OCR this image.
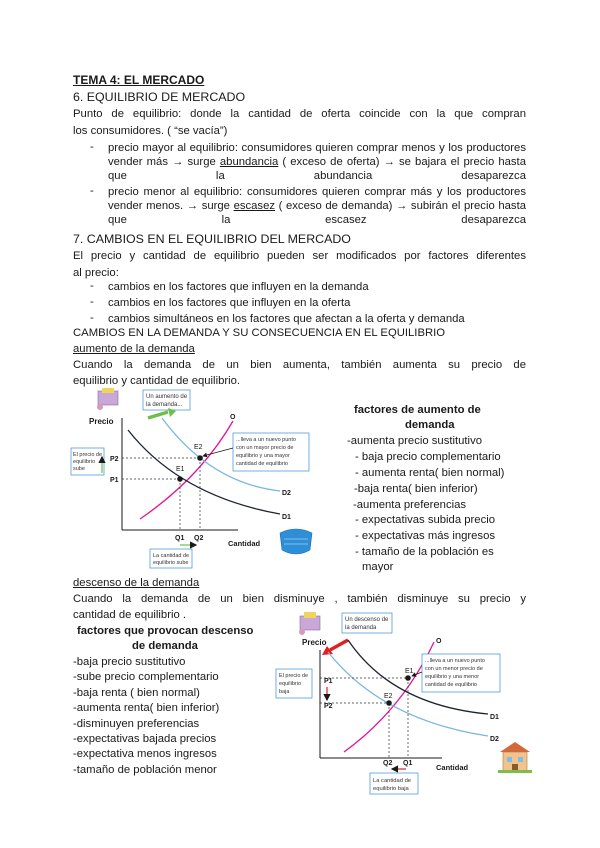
TEMA 4: EL MERCADO
6. EQUILIBRIO DE MERCADO
Punto de equilibrio: donde la cantidad de oferta coincide con la que compran
los consumidores. ( “se vacía”)
- precio mayor al equilibrio: consumidores quieren comprar menos y los productores vender más → surge abundancia ( exceso de oferta) → se bajara el precio hasta que la abundancia desaparezca
- precio menor al equilibrio: consumidores quieren comprar más y los productores vender menos. → surge escasez ( exceso de demanda) → subirán el precio hasta que la escasez desaparezca
7. CAMBIOS EN EL EQUILIBRIO DEL MERCADO
El precio y cantidad de equilibrio pueden ser modificados por factores diferentes
al precio:
- cambios en los factores que influyen en la demanda
- cambios en los factores que influyen en la oferta
- cambios simultáneos en los factores que afectan a la oferta y demanda
CAMBIOS EN LA DEMANDA Y SU CONSECUENCIA EN EL EQUILIBRIO
aumento de la demanda
Cuando la demanda de un bien aumenta, también aumenta su precio de
equilibrio y cantidad de equilibrio.
Un aumento de
la demanda...
Precio
Cantidad
O
D1
D2
E1
E2
P2
P1
Q1 Q2
El precio de
equilibrio
sube
...lleva a un nuevo punto
con un mayor precio de
equilibrio y una mayor
cantidad de equilibrio
La cantidad de
equilibrio sube
factores de aumento de
demanda
-aumenta precio sustitutivo
- baja precio complementario
- aumenta renta( bien normal)
-baja renta( bien inferior)
-aumenta preferencias
- expectativas subida precio
- expectativas más ingresos
- tamaño de la población es
mayor
descenso de la demanda
Cuando la demanda de un bien disminuye , también disminuye su precio y
cantidad de equilibrio .
factores que provocan descenso
de demanda
-baja precio sustitutivo
-sube precio complementario
-baja renta ( bien normal)
-aumenta renta( bien inferior)
-disminuyen preferencias
-expectativas bajada precios
-expectativa menos ingresos
-tamaño de población menor
Un descenso de
la demanda
Precio
Cantidad
O
D1
D2
E1
E2
P1
P2
Q2 Q1
El precio de
equilibrio
baja
...lleva a un nuevo punto
con un menor precio de
equilibrio y una menor
cantidad de equilibrio
La cantidad de
equilibrio baja
